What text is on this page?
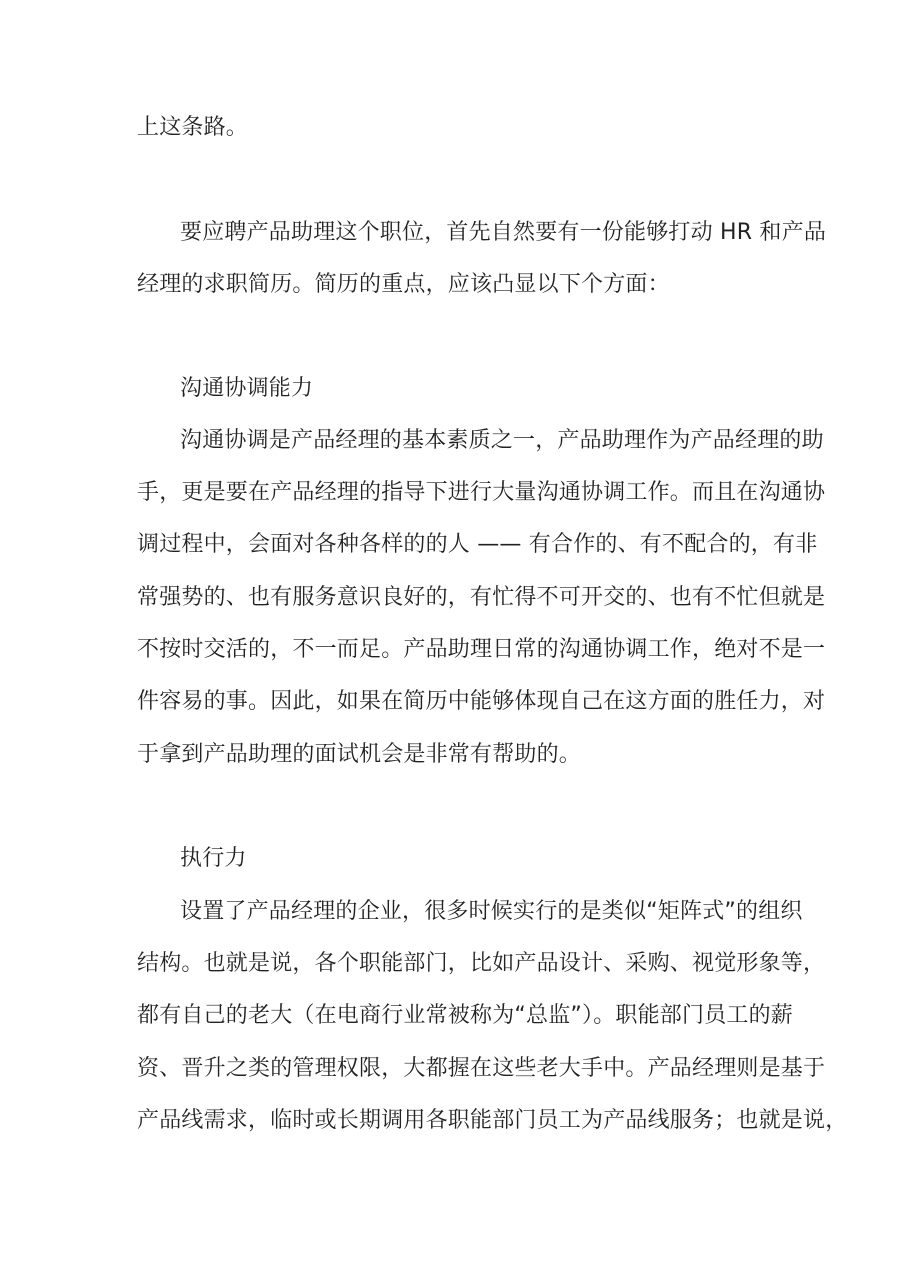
上这条路。
要应聘产品助理这个职位，首先自然要有一份能够打动 HR 和产品
经理的求职简历。简历的重点，应该凸显以下个方面：
沟通协调能力
沟通协调是产品经理的基本素质之一，产品助理作为产品经理的助
手，更是要在产品经理的指导下进行大量沟通协调工作。而且在沟通协
调过程中，会面对各种各样的的人 —— 有合作的、有不配合的，有非
常强势的、也有服务意识良好的，有忙得不可开交的、也有不忙但就是
不按时交活的，不一而足。产品助理日常的沟通协调工作，绝对不是一
件容易的事。因此，如果在简历中能够体现自己在这方面的胜任力，对
于拿到产品助理的面试机会是非常有帮助的。
执行力
设置了产品经理的企业，很多时候实行的是类似“矩阵式”的组织
结构。也就是说，各个职能部门，比如产品设计、采购、视觉形象等，
都有自己的老大（在电商行业常被称为“总监”）。职能部门员工的薪
资、晋升之类的管理权限，大都握在这些老大手中。产品经理则是基于
产品线需求，临时或长期调用各职能部门员工为产品线服务；也就是说，
